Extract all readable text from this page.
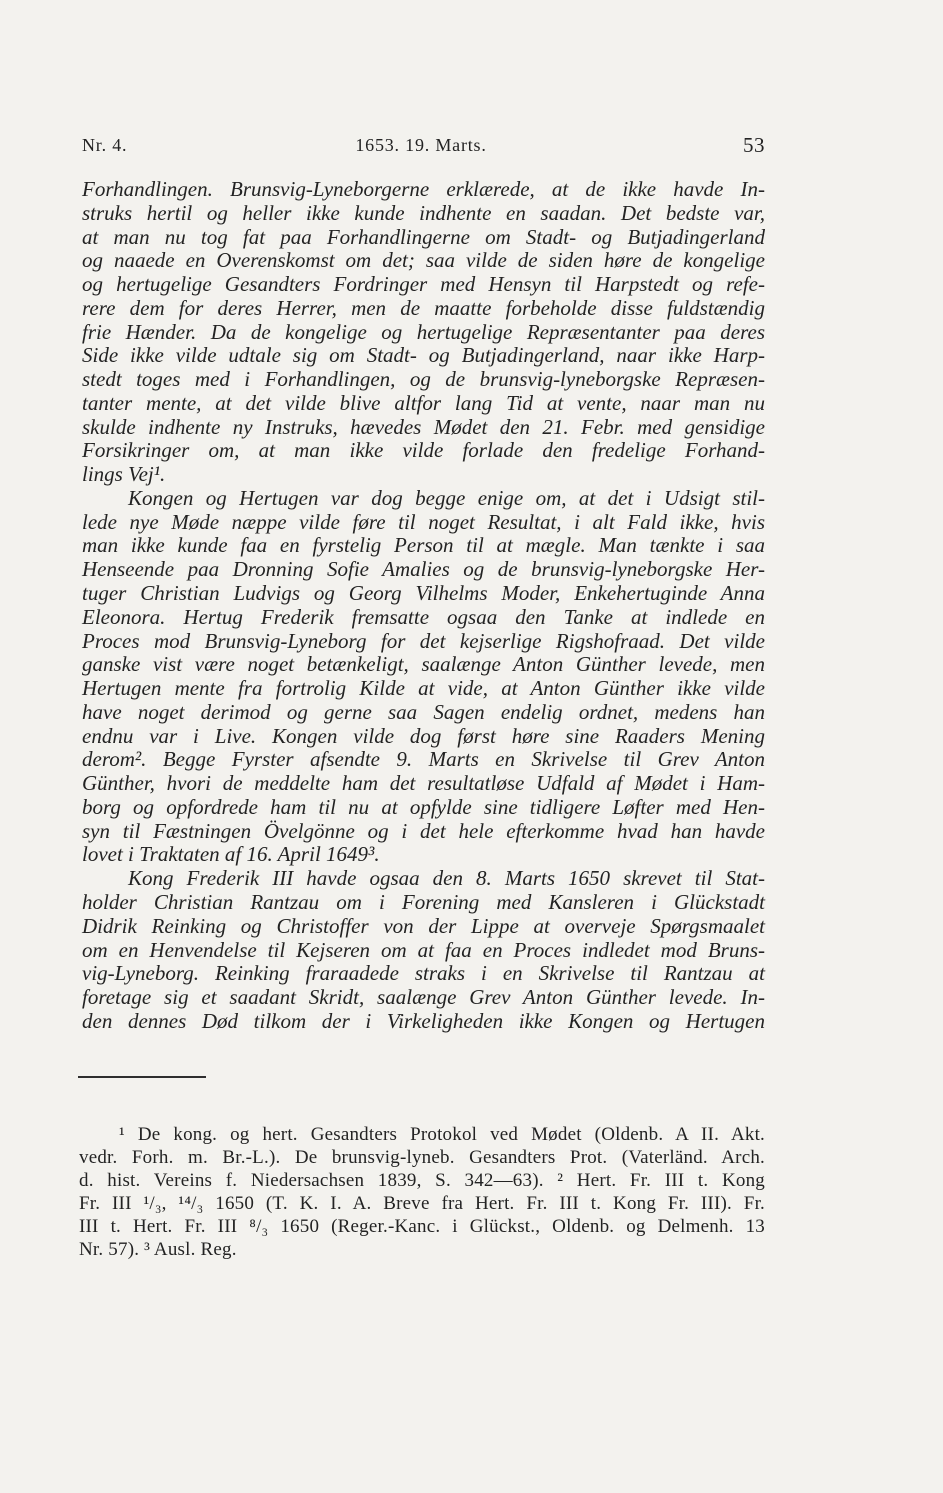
Nr. 4.	1653. 19. Marts.	53
Forhandlingen. Brunsvig-Lyneborgerne erklærede, at de ikke havde In-
struks hertil og heller ikke kunde indhente en saadan. Det bedste var,
at man nu tog fat paa Forhandlingerne om Stadt- og Butjadingerland
og naaede en Overenskomst om det; saa vilde de siden høre de kongelige
og hertugelige Gesandters Fordringer med Hensyn til Harpstedt og refe-
rere dem for deres Herrer, men de maatte forbeholde disse fuldstændig
frie Hænder. Da de kongelige og hertugelige Repræsentanter paa deres
Side ikke vilde udtale sig om Stadt- og Butjadingerland, naar ikke Harp-
stedt toges med i Forhandlingen, og de brunsvig-lyneborgske Repræsen-
tanter mente, at det vilde blive altfor lang Tid at vente, naar man nu
skulde indhente ny Instruks, hævedes Mødet den 21. Febr. med gensidige
Forsikringer om, at man ikke vilde forlade den fredelige Forhand-
lings Vej¹.
Kongen og Hertugen var dog begge enige om, at det i Udsigt stil-
lede nye Møde næppe vilde føre til noget Resultat, i alt Fald ikke, hvis
man ikke kunde faa en fyrstelig Person til at mægle. Man tænkte i saa
Henseende paa Dronning Sofie Amalies og de brunsvig-lyneborgske Her-
tuger Christian Ludvigs og Georg Vilhelms Moder, Enkehertuginde Anna
Eleonora. Hertug Frederik fremsatte ogsaa den Tanke at indlede en
Proces mod Brunsvig-Lyneborg for det kejserlige Rigshofraad. Det vilde
ganske vist være noget betænkeligt, saalænge Anton Günther levede, men
Hertugen mente fra fortrolig Kilde at vide, at Anton Günther ikke vilde
have noget derimod og gerne saa Sagen endelig ordnet, medens han
endnu var i Live. Kongen vilde dog først høre sine Raaders Mening
derom². Begge Fyrster afsendte 9. Marts en Skrivelse til Grev Anton
Günther, hvori de meddelte ham det resultatløse Udfald af Mødet i Ham-
borg og opfordrede ham til nu at opfylde sine tidligere Løfter med Hen-
syn til Fæstningen Övelgönne og i det hele efterkomme hvad han havde
lovet i Traktaten af 16. April 1649³.
Kong Frederik III havde ogsaa den 8. Marts 1650 skrevet til Stat-
holder Christian Rantzau om i Forening med Kansleren i Glückstadt
Didrik Reinking og Christoffer von der Lippe at overveje Spørgsmaalet
om en Henvendelse til Kejseren om at faa en Proces indledet mod Bruns-
vig-Lyneborg. Reinking fraraadede straks i en Skrivelse til Rantzau at
foretage sig et saadant Skridt, saalænge Grev Anton Günther levede. In-
den dennes Død tilkom der i Virkeligheden ikke Kongen og Hertugen
¹ De kong. og hert. Gesandters Protokol ved Mødet (Oldenb. A II. Akt.
vedr. Forh. m. Br.-L.). De brunsvig-lyneb. Gesandters Prot. (Vaterländ. Arch.
d. hist. Vereins f. Niedersachsen 1839, S. 342—63). ² Hert. Fr. III t. Kong
Fr. III ¹/₃, ¹⁴/₃ 1650 (T. K. I. A. Breve fra Hert. Fr. III t. Kong Fr. III). Fr.
III t. Hert. Fr. III ⁸/₃ 1650 (Reger.-Kanc. i Glückst., Oldenb. og Delmenh. 13
Nr. 57). ³ Ausl. Reg.
